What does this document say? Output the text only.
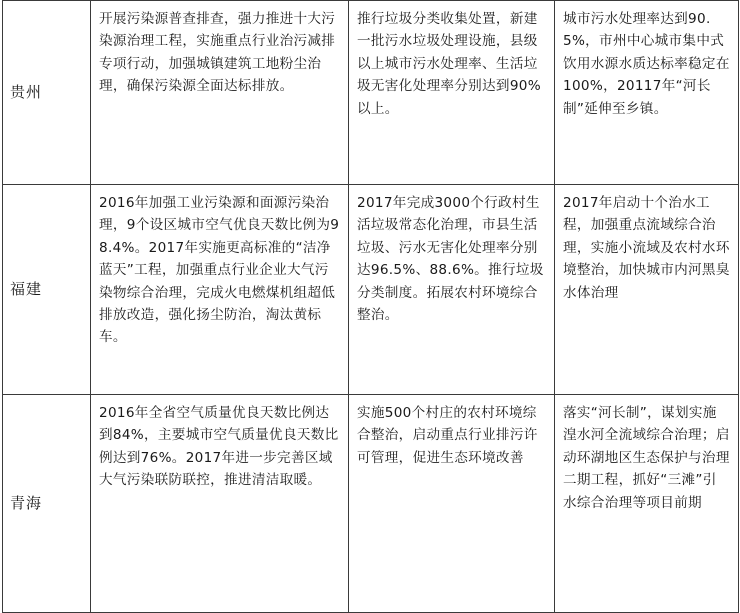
贵州	开展污染源普查排查，强力推进十大污染源治理工程，实施重点行业治污减排专项行动，加强城镇建筑工地粉尘治理，确保污染源全面达标排放。	推行垃圾分类收集处置，新建一批污水垃圾处理设施，县级以上城市污水处理率、生活垃圾无害化处理率分别达到90%以上。	城市污水处理率达到90.5%，市州中心城市集中式饮用水源水质达标率稳定在100%，20117年“河长制”延伸至乡镇。

福建	2016年加强工业污染源和面源污染治理，9个设区城市空气优良天数比例为98.4%。2017年实施更高标准的“洁净蓝天”工程，加强重点行业企业大气污染物综合治理，完成火电燃煤机组超低排放改造，强化扬尘防治，淘汰黄标车。	2017年完成3000个行政村生活垃圾常态化治理，市县生活垃圾、污水无害化处理率分别达96.5%、88.6%。推行垃圾分类制度。拓展农村环境综合整治。	2017年启动十个治水工程，加强重点流域综合治理，实施小流域及农村水环境整治，加快城市内河黑臭水体治理

青海	2016年全省空气质量优良天数比例达到84%，主要城市空气质量优良天数比例达到76%。2017年进一步完善区域大气污染联防联控，推进清洁取暖。	实施500个村庄的农村环境综合整治，启动重点行业排污许可管理，促进生态环境改善	落实“河长制”，谋划实施湟水河全流域综合治理；启动环湖地区生态保护与治理二期工程，抓好“三滩”引水综合治理等项目前期
